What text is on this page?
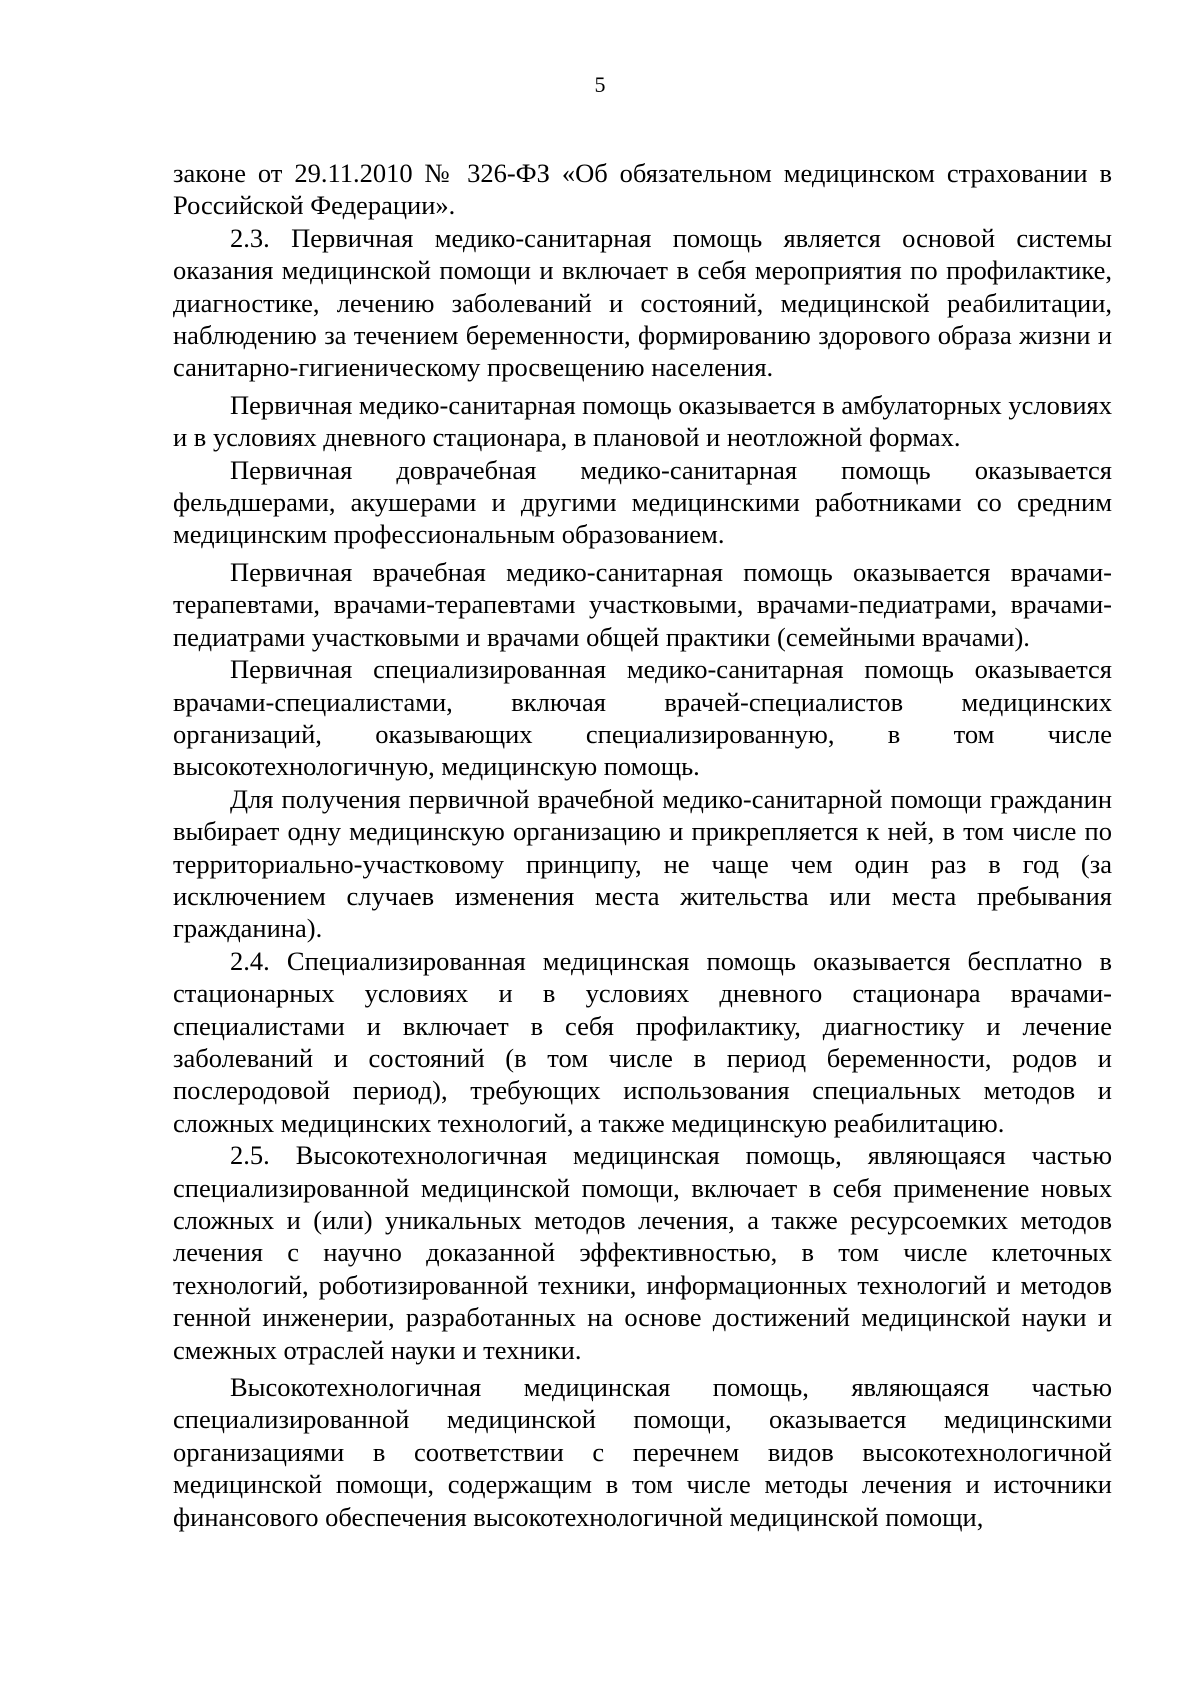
5

законе от 29.11.2010 № 326-ФЗ «Об обязательном медицинском страховании в Российской Федерации».

2.3. Первичная медико-санитарная помощь является основой системы оказания медицинской помощи и включает в себя мероприятия по профилактике, диагностике, лечению заболеваний и состояний, медицинской реабилитации, наблюдению за течением беременности, формированию здорового образа жизни и санитарно-гигиеническому просвещению населения.

Первичная медико-санитарная помощь оказывается в амбулаторных условиях и в условиях дневного стационара, в плановой и неотложной формах.

Первичная доврачебная медико-санитарная помощь оказывается фельдшерами, акушерами и другими медицинскими работниками со средним медицинским профессиональным образованием.

Первичная врачебная медико-санитарная помощь оказывается врачами-терапевтами, врачами-терапевтами участковыми, врачами-педиатрами, врачами-педиатрами участковыми и врачами общей практики (семейными врачами).

Первичная специализированная медико-санитарная помощь оказывается врачами-специалистами, включая врачей-специалистов медицинских организаций, оказывающих специализированную, в том числе высокотехнологичную, медицинскую помощь.

Для получения первичной врачебной медико-санитарной помощи гражданин выбирает одну медицинскую организацию и прикрепляется к ней, в том числе по территориально-участковому принципу, не чаще чем один раз в год (за исключением случаев изменения места жительства или места пребывания гражданина).

2.4. Специализированная медицинская помощь оказывается бесплатно в стационарных условиях и в условиях дневного стационара врачами-специалистами и включает в себя профилактику, диагностику и лечение заболеваний и состояний (в том числе в период беременности, родов и послеродовой период), требующих использования специальных методов и сложных медицинских технологий, а также медицинскую реабилитацию.

2.5. Высокотехнологичная медицинская помощь, являющаяся частью специализированной медицинской помощи, включает в себя применение новых сложных и (или) уникальных методов лечения, а также ресурсоемких методов лечения с научно доказанной эффективностью, в том числе клеточных технологий, роботизированной техники, информационных технологий и методов генной инженерии, разработанных на основе достижений медицинской науки и смежных отраслей науки и техники.

Высокотехнологичная медицинская помощь, являющаяся частью специализированной медицинской помощи, оказывается медицинскими организациями в соответствии с перечнем видов высокотехнологичной медицинской помощи, содержащим в том числе методы лечения и источники финансового обеспечения высокотехнологичной медицинской помощи,
